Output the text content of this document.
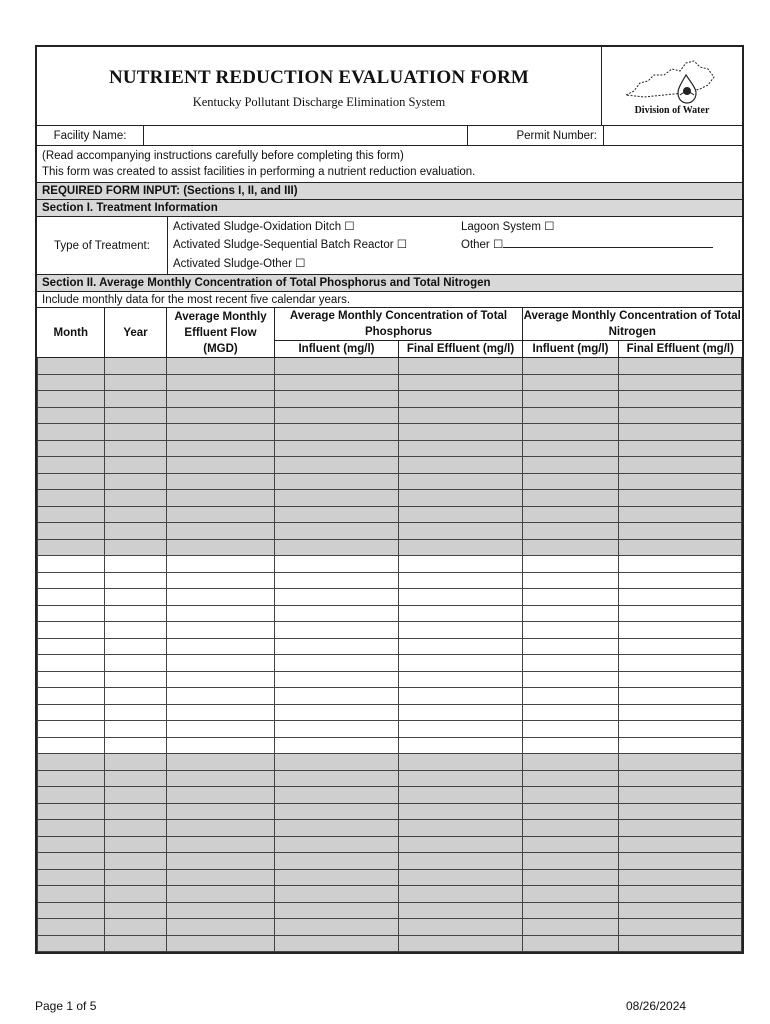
NUTRIENT REDUCTION EVALUATION FORM
Kentucky Pollutant Discharge Elimination System
Division of Water
Facility Name:	Permit Number:
(Read accompanying instructions carefully before completing this form)
This form was created to assist facilities in performing a nutrient reduction evaluation.
REQUIRED FORM INPUT: (Sections I, II, and III)
Section I. Treatment Information
Type of Treatment:
Activated Sludge-Oxidation Ditch ☐
Activated Sludge-Sequential Batch Reactor ☐
Activated Sludge-Other ☐
Lagoon System ☐
Other ☐
Section II. Average Monthly Concentration of Total Phosphorus and Total Nitrogen
Include monthly data for the most recent five calendar years.
Month	Year	Average Monthly Effluent Flow (MGD)	Average Monthly Concentration of Total Phosphorus		Average Monthly Concentration of Total Nitrogen	
			Influent (mg/l)	Final Effluent (mg/l)	Influent (mg/l)	Final Effluent (mg/l)

Page 1 of 5	08/26/2024
